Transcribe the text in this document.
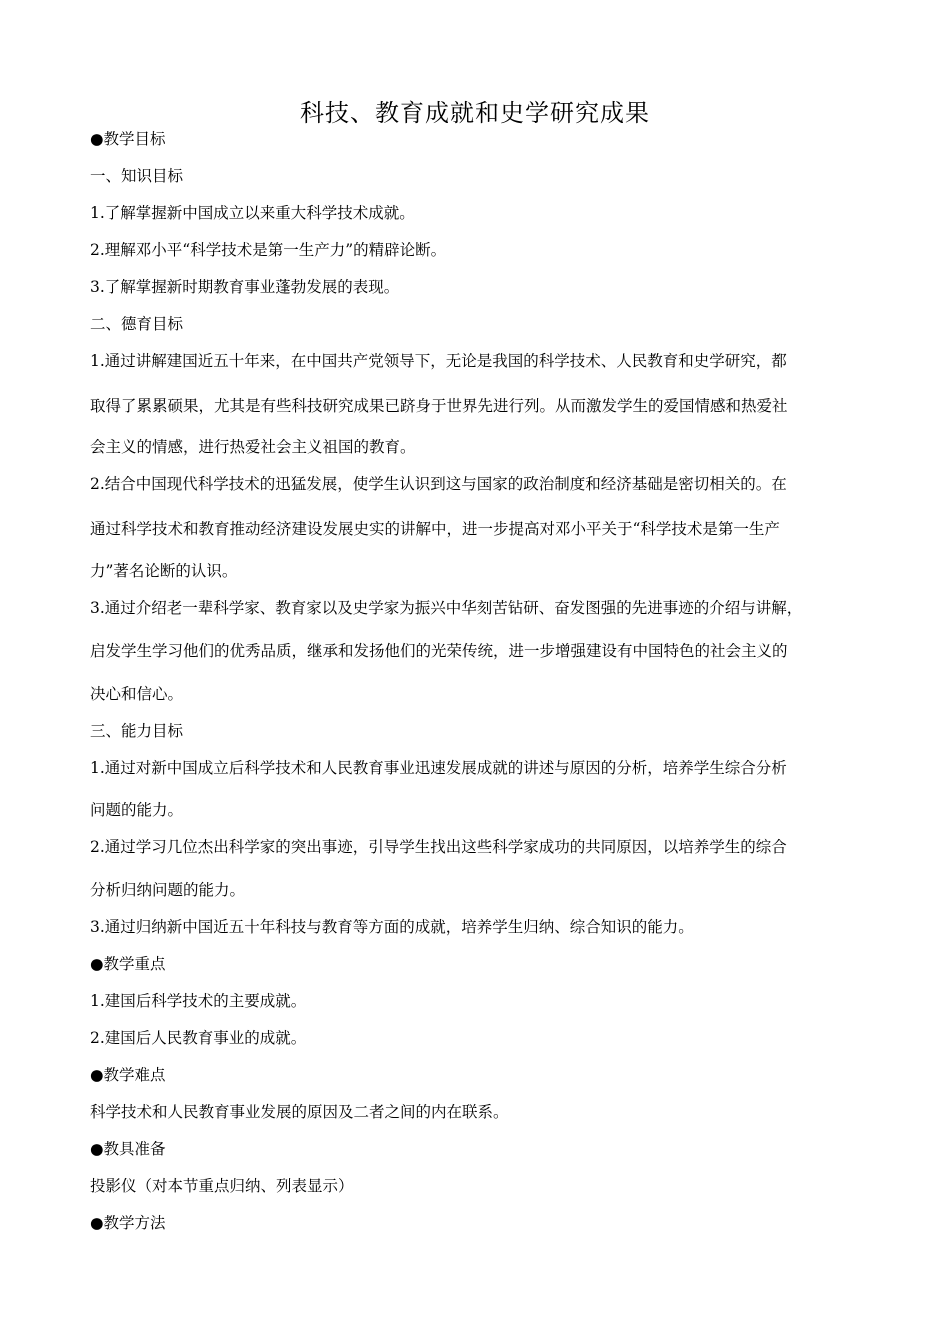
科技、教育成就和史学研究成果
●教学目标
一、知识目标
1.了解掌握新中国成立以来重大科学技术成就。
2.理解邓小平“科学技术是第一生产力”的精辟论断。
3.了解掌握新时期教育事业蓬勃发展的表现。
二、德育目标
1.通过讲解建国近五十年来，在中国共产党领导下，无论是我国的科学技术、人民教育和史学研究，都
取得了累累硕果，尤其是有些科技研究成果已跻身于世界先进行列。从而激发学生的爱国情感和热爱社
会主义的情感，进行热爱社会主义祖国的教育。
2.结合中国现代科学技术的迅猛发展，使学生认识到这与国家的政治制度和经济基础是密切相关的。在
通过科学技术和教育推动经济建设发展史实的讲解中，进一步提高对邓小平关于“科学技术是第一生产
力”著名论断的认识。
3.通过介绍老一辈科学家、教育家以及史学家为振兴中华刻苦钻研、奋发图强的先进事迹的介绍与讲解，
启发学生学习他们的优秀品质，继承和发扬他们的光荣传统，进一步增强建设有中国特色的社会主义的
决心和信心。
三、能力目标
1.通过对新中国成立后科学技术和人民教育事业迅速发展成就的讲述与原因的分析，培养学生综合分析
问题的能力。
2.通过学习几位杰出科学家的突出事迹，引导学生找出这些科学家成功的共同原因，以培养学生的综合
分析归纳问题的能力。
3.通过归纳新中国近五十年科技与教育等方面的成就，培养学生归纳、综合知识的能力。
●教学重点
1.建国后科学技术的主要成就。
2.建国后人民教育事业的成就。
●教学难点
科学技术和人民教育事业发展的原因及二者之间的内在联系。
●教具准备
投影仪（对本节重点归纳、列表显示）
●教学方法
